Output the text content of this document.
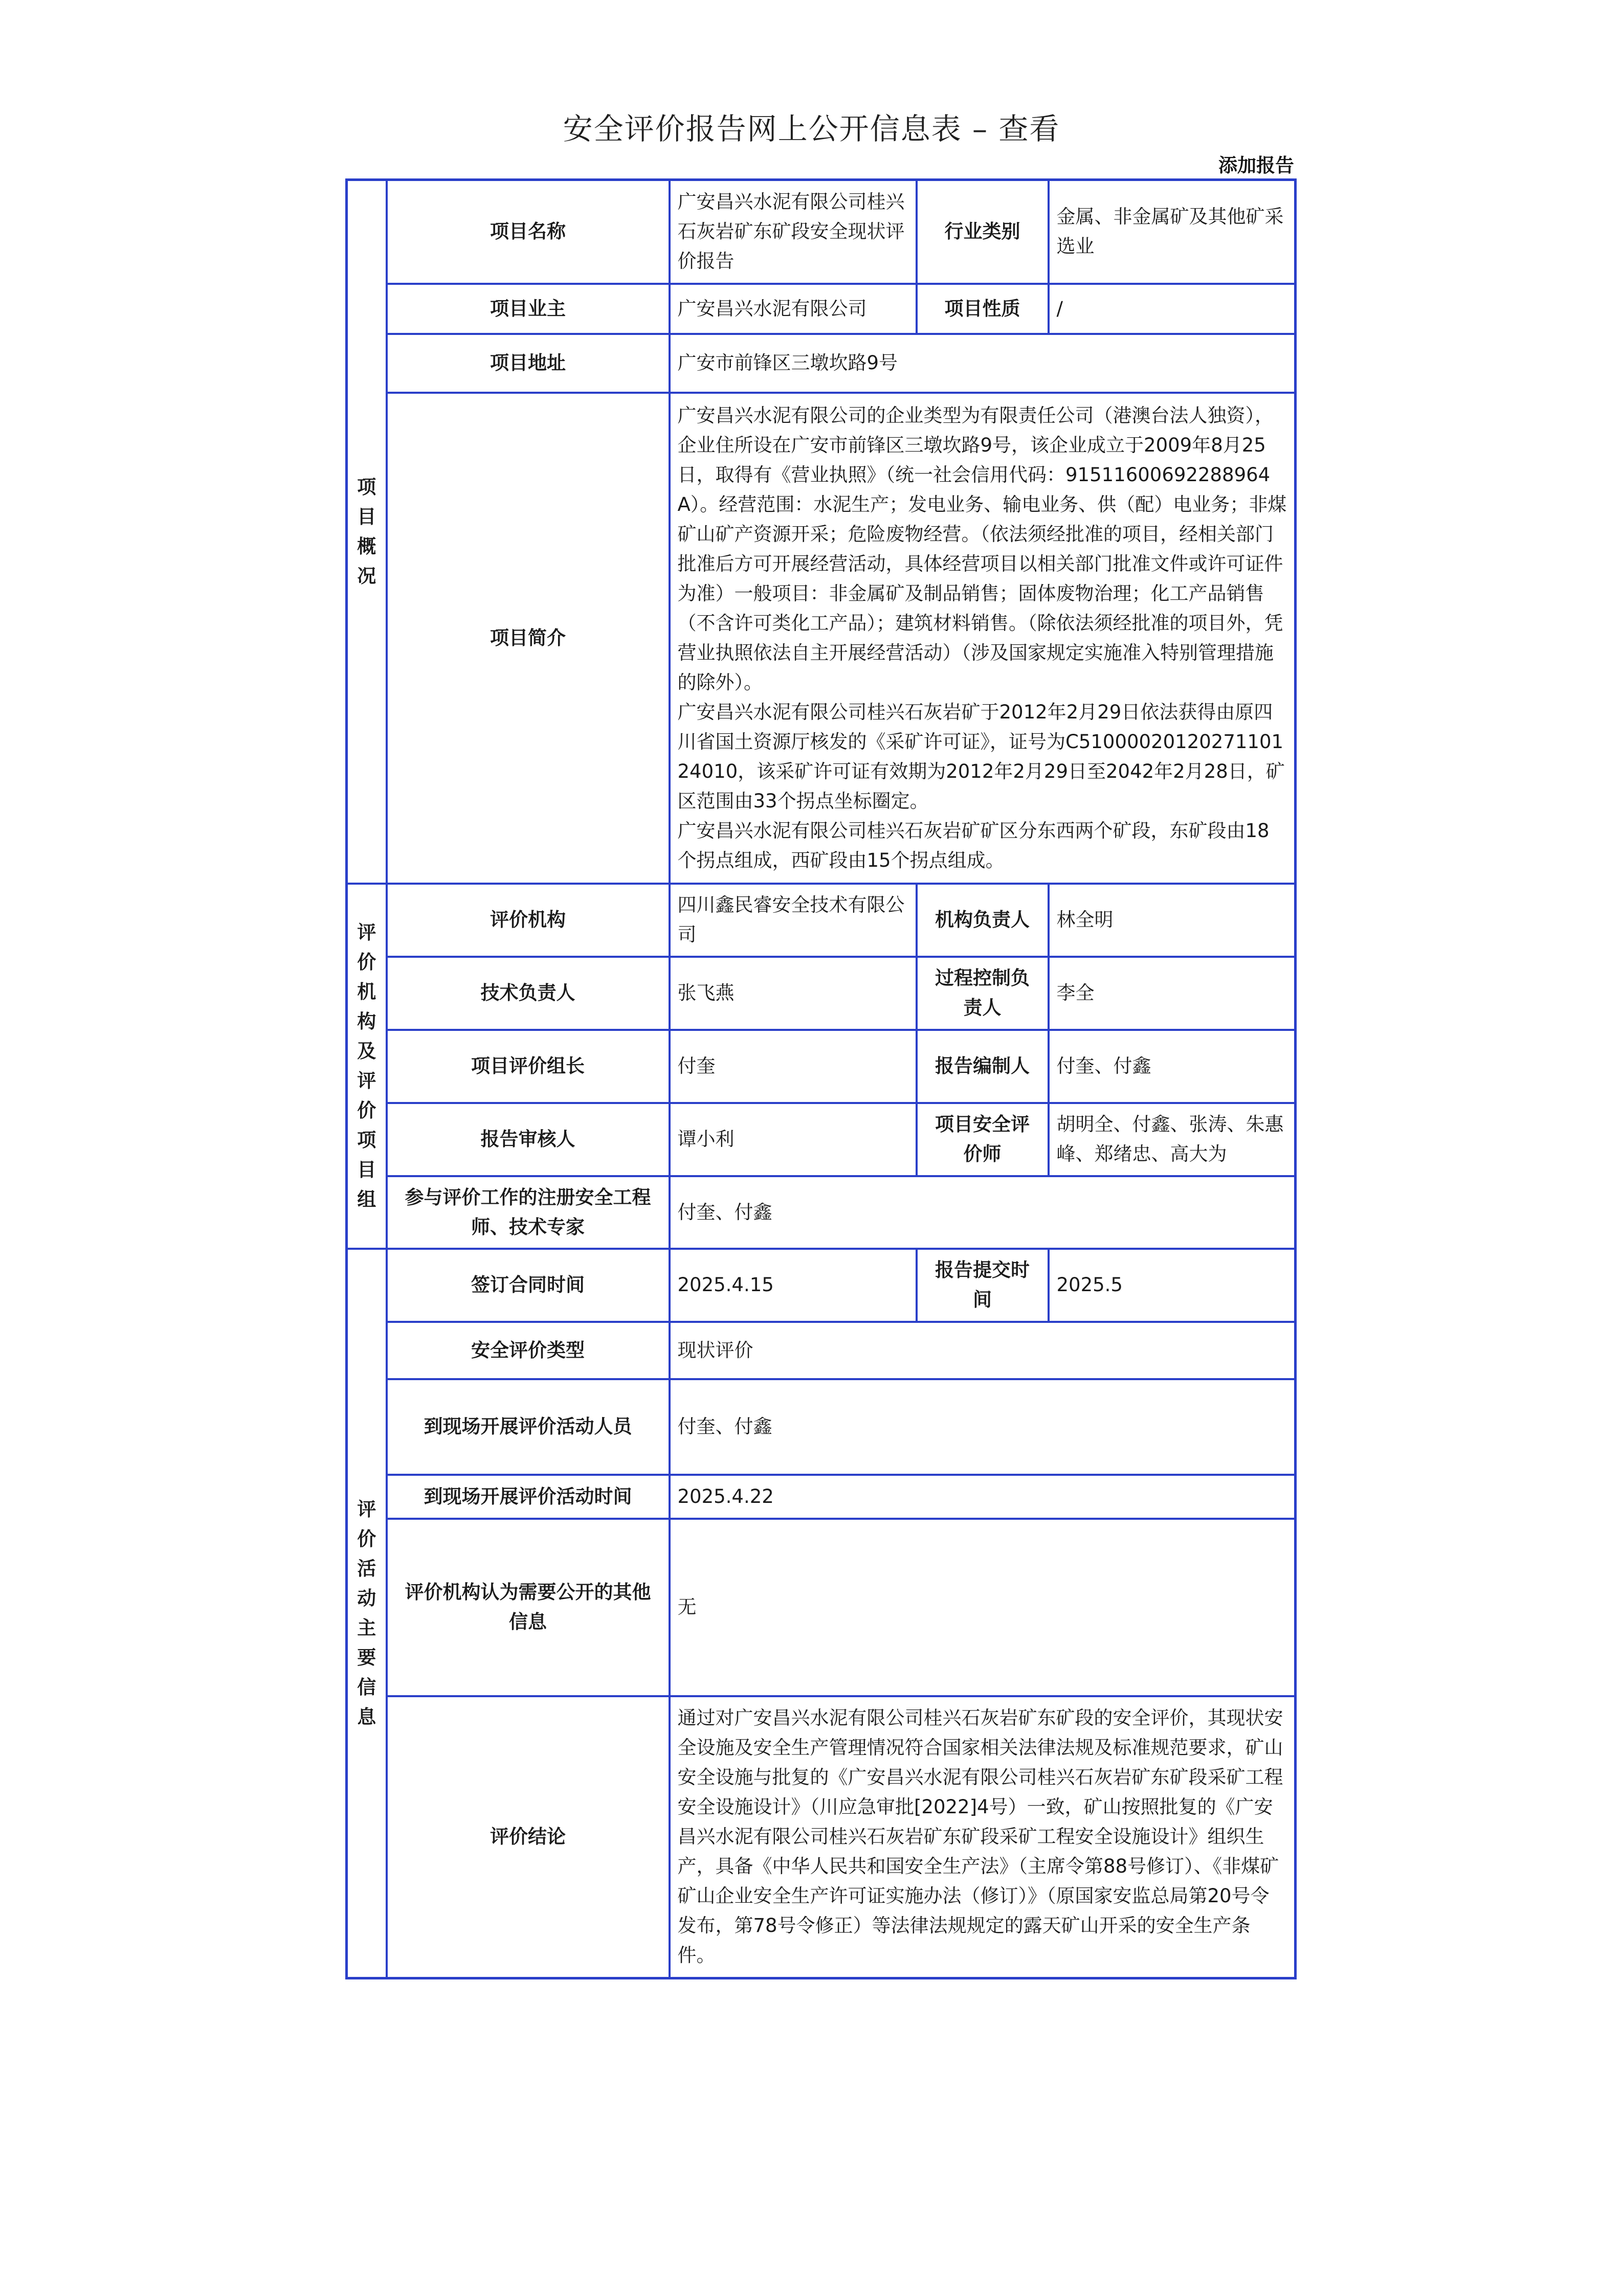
安全评价报告网上公开信息表 – 查看
添加报告
项目概况	项目名称	广安昌兴水泥有限公司桂兴石灰岩矿东矿段安全现状评价报告	行业类别	金属、非金属矿及其他矿采选业
	项目业主	广安昌兴水泥有限公司	项目性质	/
	项目地址	广安市前锋区三墩坎路9号		
	项目简介	广安昌兴水泥有限公司的企业类型为有限责任公司（港澳台法人独资），企业住所设在广安市前锋区三墩坎路9号，该企业成立于2009年8月25日，取得有《营业执照》（统一社会信用代码：91511600692288964A）。经营范围：水泥生产；发电业务、输电业务、供（配）电业务；非煤矿山矿产资源开采；危险废物经营。（依法须经批准的项目，经相关部门批准后方可开展经营活动，具体经营项目以相关部门批准文件或许可证件为准）一般项目：非金属矿及制品销售；固体废物治理；化工产品销售（不含许可类化工产品）；建筑材料销售。（除依法须经批准的项目外，凭营业执照依法自主开展经营活动）（涉及国家规定实施准入特别管理措施的除外）。

广安昌兴水泥有限公司桂兴石灰岩矿于2012年2月29日依法获得由原四川省国土资源厅核发的《采矿许可证》，证号为C5100002012027110124010，该采矿许可证有效期为2012年2月29日至2042年2月28日，矿区范围由33个拐点坐标圈定。

广安昌兴水泥有限公司桂兴石灰岩矿矿区分东西两个矿段，东矿段由18个拐点组成，西矿段由15个拐点组成。		

评价机构及评价项目组	评价机构	四川鑫民睿安全技术有限公司	机构负责人	林全明
	技术负责人	张飞燕	过程控制负责人	李全
	项目评价组长	付奎	报告编制人	付奎、付鑫
	报告审核人	谭小利	项目安全评价师	胡明全、付鑫、张涛、朱惠峰、郑绪忠、高大为
	参与评价工作的注册安全工程师、技术专家	付奎、付鑫		
评价活动主要信息	签订合同时间	2025.4.15	报告提交时间	2025.5
	安全评价类型	现状评价		
	到现场开展评价活动人员	付奎、付鑫		
	到现场开展评价活动时间	2025.4.22		
	评价机构认为需要公开的其他信息	无		
	评价结论	通过对广安昌兴水泥有限公司桂兴石灰岩矿东矿段的安全评价，其现状安全设施及安全生产管理情况符合国家相关法律法规及标准规范要求，矿山安全设施与批复的《广安昌兴水泥有限公司桂兴石灰岩矿东矿段采矿工程安全设施设计》（川应急审批[2022]4号）一致，矿山按照批复的《广安昌兴水泥有限公司桂兴石灰岩矿东矿段采矿工程安全设施设计》组织生产，具备《中华人民共和国安全生产法》（主席令第88号修订）、《非煤矿矿山企业安全生产许可证实施办法（修订）》（原国家安监总局第20号令发布，第78号令修正）等法律法规规定的露天矿山开采的安全生产条件。		
